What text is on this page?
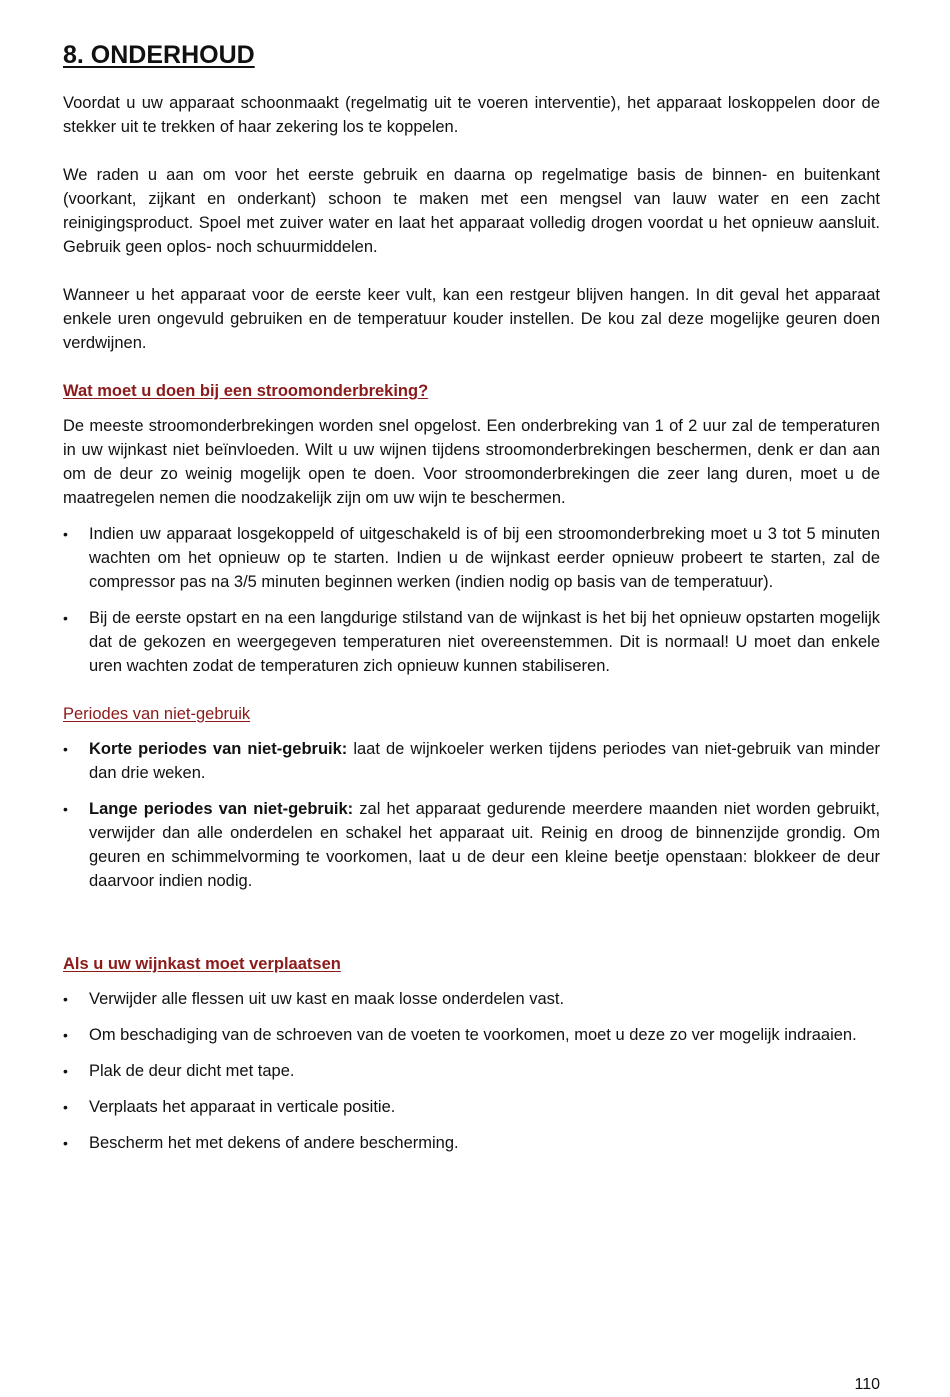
8. ONDERHOUD

Voordat u uw apparaat schoonmaakt (regelmatig uit te voeren interventie), het apparaat loskoppelen door de stekker uit te trekken of haar zekering los te koppelen.

We raden u aan om voor het eerste gebruik en daarna op regelmatige basis de binnen- en buitenkant (voorkant, zijkant en onderkant) schoon te maken met een mengsel van lauw water en een zacht reinigingsproduct. Spoel met zuiver water en laat het apparaat volledig drogen voordat u het opnieuw aansluit. Gebruik geen oplos- noch schuurmiddelen.

Wanneer u het apparaat voor de eerste keer vult, kan een restgeur blijven hangen. In dit geval het apparaat enkele uren ongevuld gebruiken en de temperatuur kouder instellen. De kou zal deze mogelijke geuren doen verdwijnen.

Wat moet u doen bij een stroomonderbreking?

De meeste stroomonderbrekingen worden snel opgelost. Een onderbreking van 1 of 2 uur zal de temperaturen in uw wijnkast niet beïnvloeden. Wilt u uw wijnen tijdens stroomonderbrekingen beschermen, denk er dan aan om de deur zo weinig mogelijk open te doen. Voor stroomonderbrekingen die zeer lang duren, moet u de maatregelen nemen die noodzakelijk zijn om uw wijn te beschermen.

•	Indien uw apparaat losgekoppeld of uitgeschakeld is of bij een stroomonderbreking moet u 3 tot 5 minuten wachten om het opnieuw op te starten. Indien u de wijnkast eerder opnieuw probeert te starten, zal de compressor pas na 3/5 minuten beginnen werken (indien nodig op basis van de temperatuur).
•	Bij de eerste opstart en na een langdurige stilstand van de wijnkast is het bij het opnieuw opstarten mogelijk dat de gekozen en weergegeven temperaturen niet overeenstemmen. Dit is normaal! U moet dan enkele uren wachten zodat de temperaturen zich opnieuw kunnen stabiliseren.
Periodes van niet-gebruik
•	Korte periodes van niet-gebruik: laat de wijnkoeler werken tijdens periodes van niet-gebruik van minder dan drie weken.
•	Lange periodes van niet-gebruik: zal het apparaat gedurende meerdere maanden niet worden gebruikt, verwijder dan alle onderdelen en schakel het apparaat uit. Reinig en droog de binnenzijde grondig. Om geuren en schimmelvorming te voorkomen, laat u de deur een kleine beetje openstaan: blokkeer de deur daarvoor indien nodig.
Als u uw wijnkast moet verplaatsen
•	Verwijder alle flessen uit uw kast en maak losse onderdelen vast.
•	Om beschadiging van de schroeven van de voeten te voorkomen, moet u deze zo ver mogelijk indraaien.
•	Plak de deur dicht met tape.
•	Verplaats het apparaat in verticale positie.
•	Bescherm het met dekens of andere bescherming.
110
